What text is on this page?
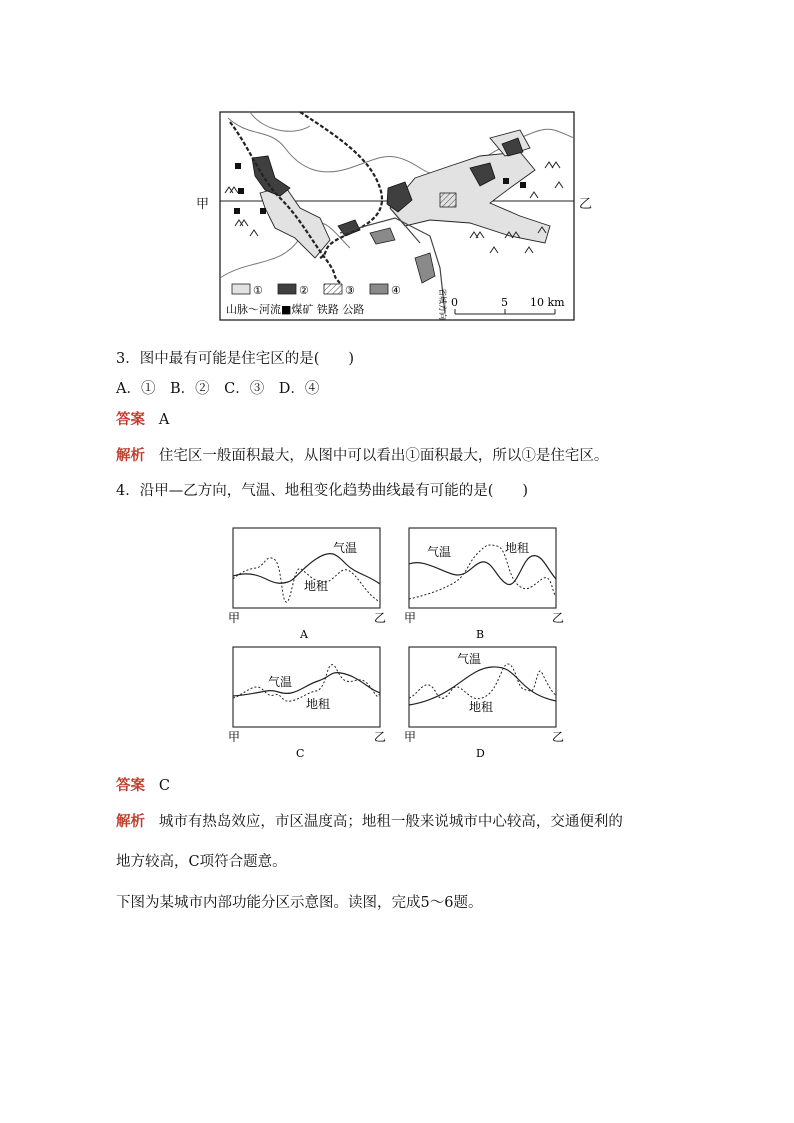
省城方向
①	②	③	④
山脉～河流■煤矿 铁路 公路
0	5 10 km
甲	乙
3．图中最有可能是住宅区的是(　　)
A．①　B．②　C．③　D．④
答案 A
解析 住宅区一般面积最大，从图中可以看出①面积最大，所以①是住宅区。
4．沿甲—乙方向，气温、地租变化趋势曲线最有可能的是(　　)
气温
地租
甲	乙
A
气温	地租
甲	乙
B
气温
地租
甲	乙
C
气温
地租
甲	乙
D
答案 C
解析 城市有热岛效应，市区温度高；地租一般来说城市中心较高，交通便利的
地方较高，C项符合题意。
下图为某城市内部功能分区示意图。读图，完成5～6题。
